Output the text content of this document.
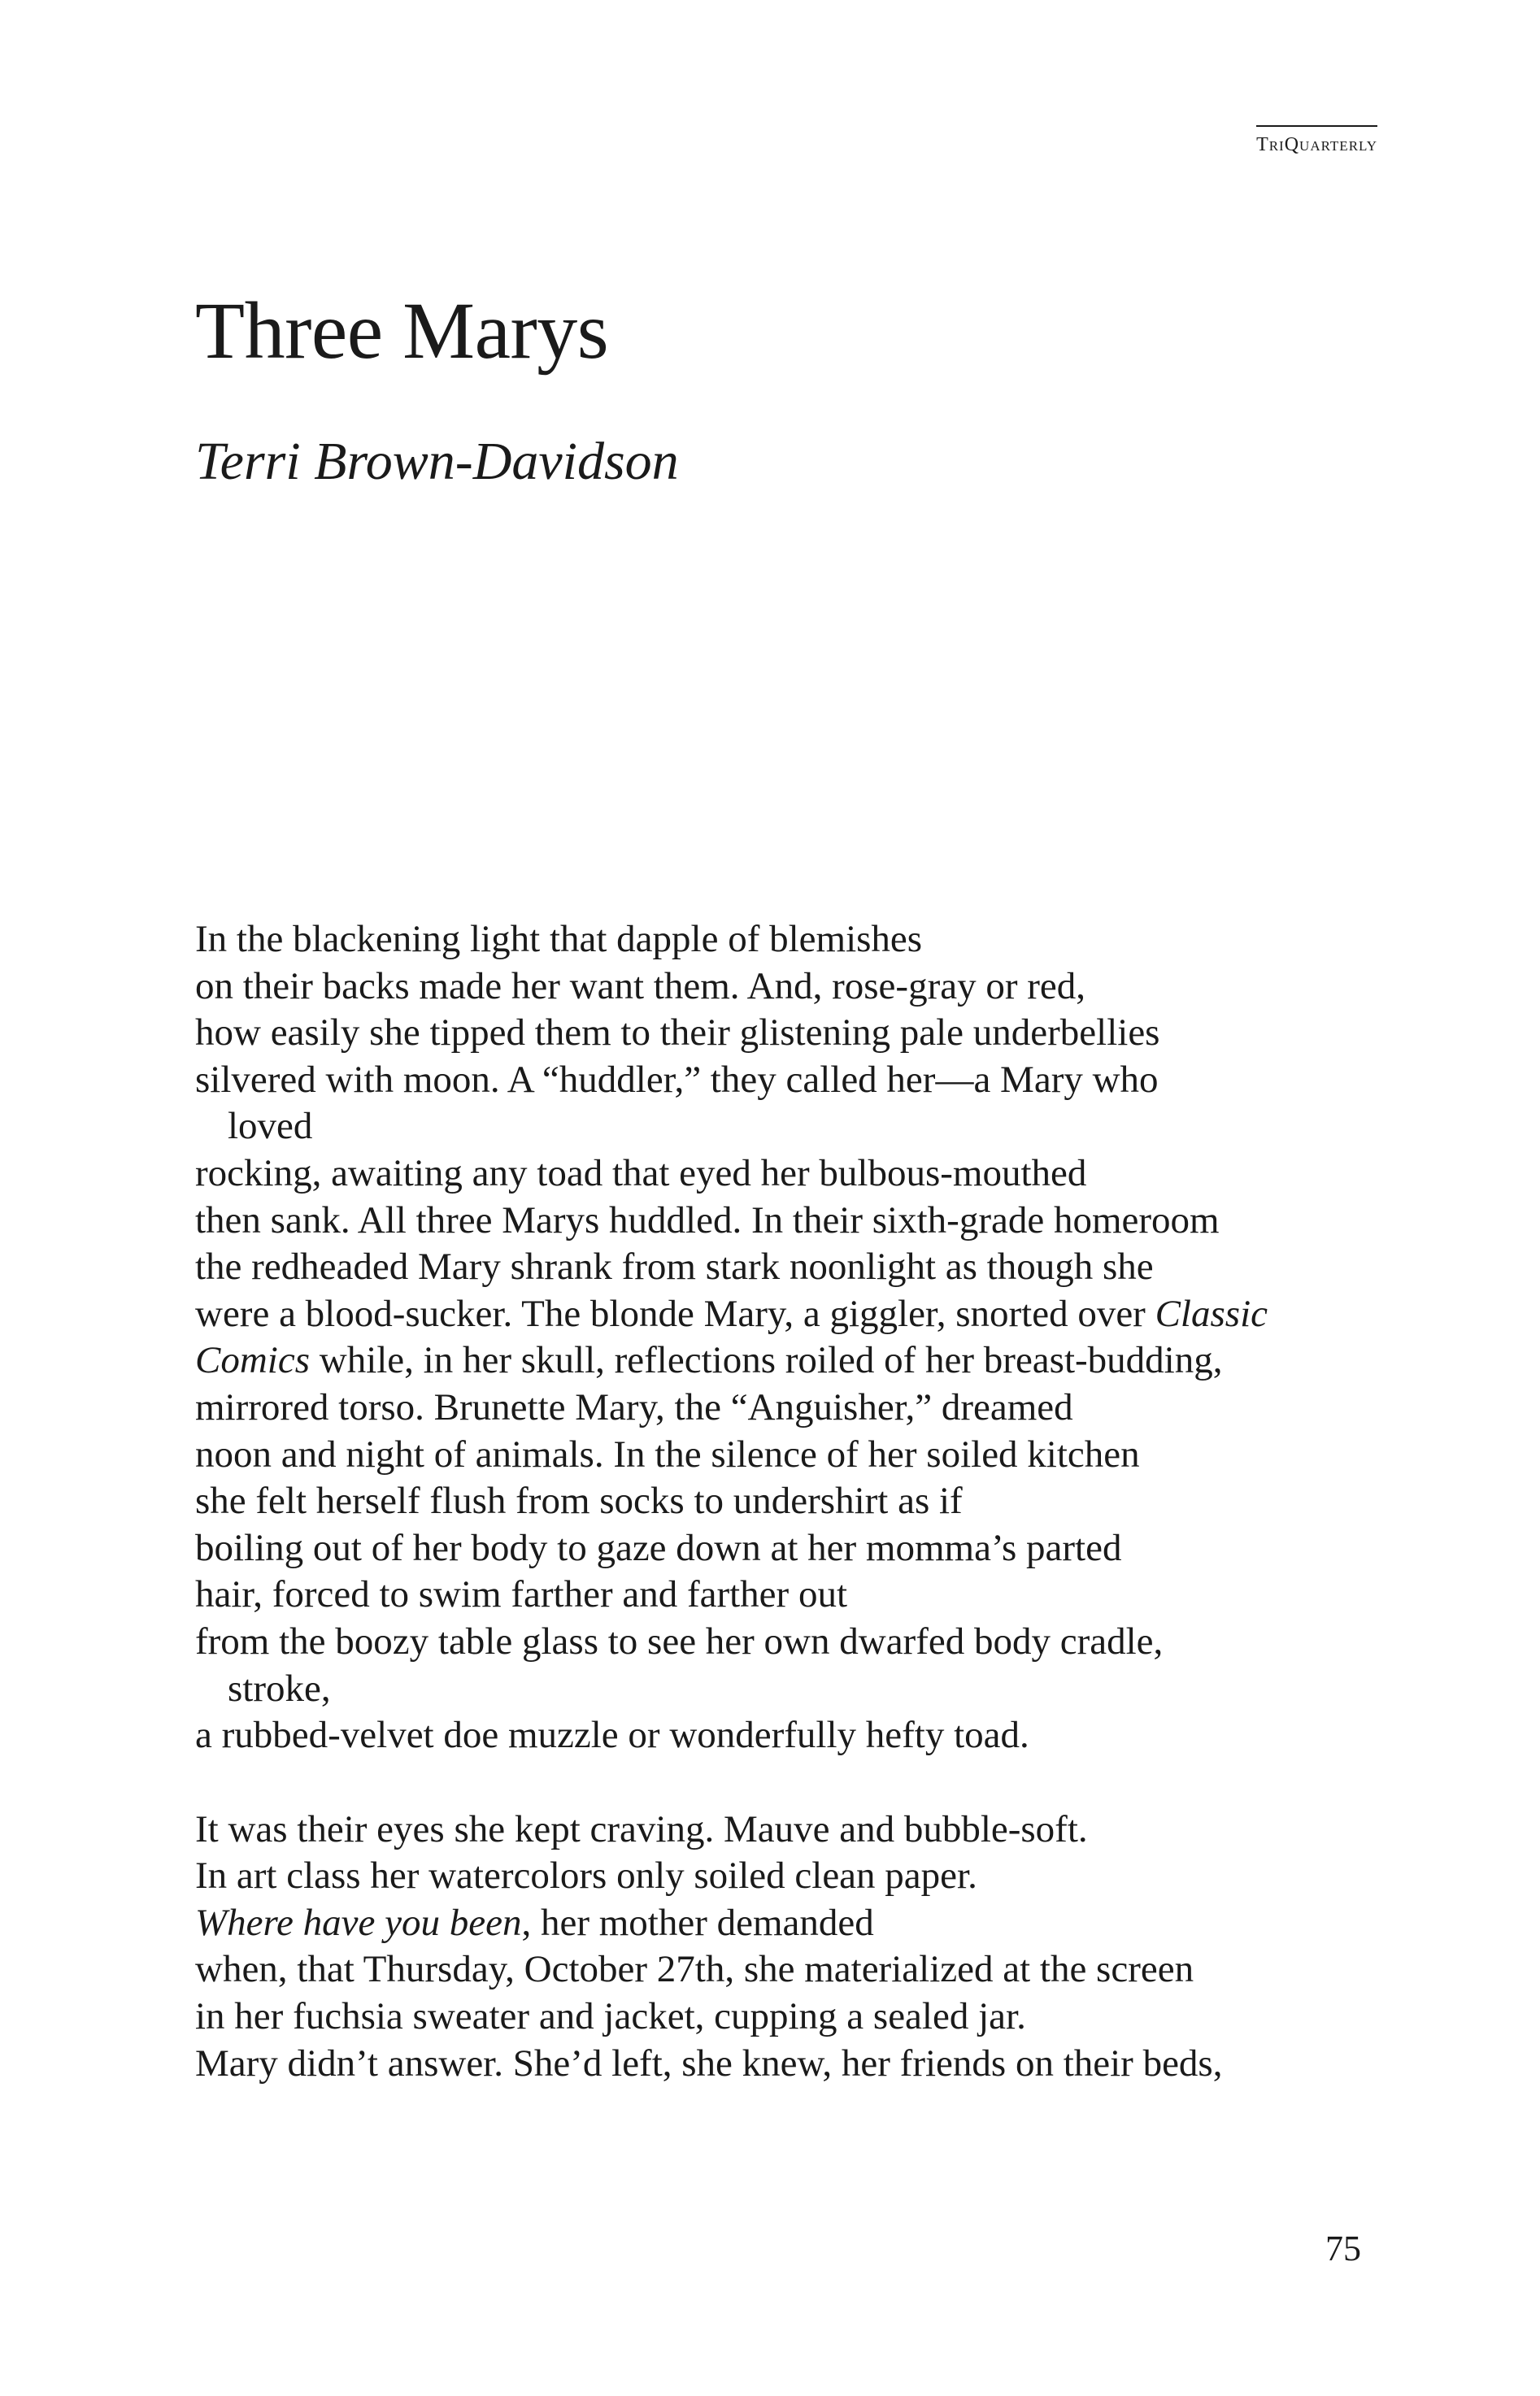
TriQuarterly
Three Marys
Terri Brown-Davidson

In the blackening light that dapple of blemishes
on their backs made her want them. And, rose-gray or red,
how easily she tipped them to their glistening pale underbellies
silvered with moon. A “huddler,” they called her—a Mary who
loved
rocking, awaiting any toad that eyed her bulbous-mouthed
then sank. All three Marys huddled. In their sixth-grade homeroom
the redheaded Mary shrank from stark noonlight as though she
were a blood-sucker. The blonde Mary, a giggler, snorted over Classic
Comics while, in her skull, reflections roiled of her breast-budding,
mirrored torso. Brunette Mary, the “Anguisher,” dreamed
noon and night of animals. In the silence of her soiled kitchen
she felt herself flush from socks to undershirt as if
boiling out of her body to gaze down at her momma’s parted
hair, forced to swim farther and farther out
from the boozy table glass to see her own dwarfed body cradle,
stroke,
a rubbed-velvet doe muzzle or wonderfully hefty toad.

It was their eyes she kept craving. Mauve and bubble-soft.
In art class her watercolors only soiled clean paper.
Where have you been, her mother demanded
when, that Thursday, October 27th, she materialized at the screen
in her fuchsia sweater and jacket, cupping a sealed jar.
Mary didn’t answer. She’d left, she knew, her friends on their beds,

75
